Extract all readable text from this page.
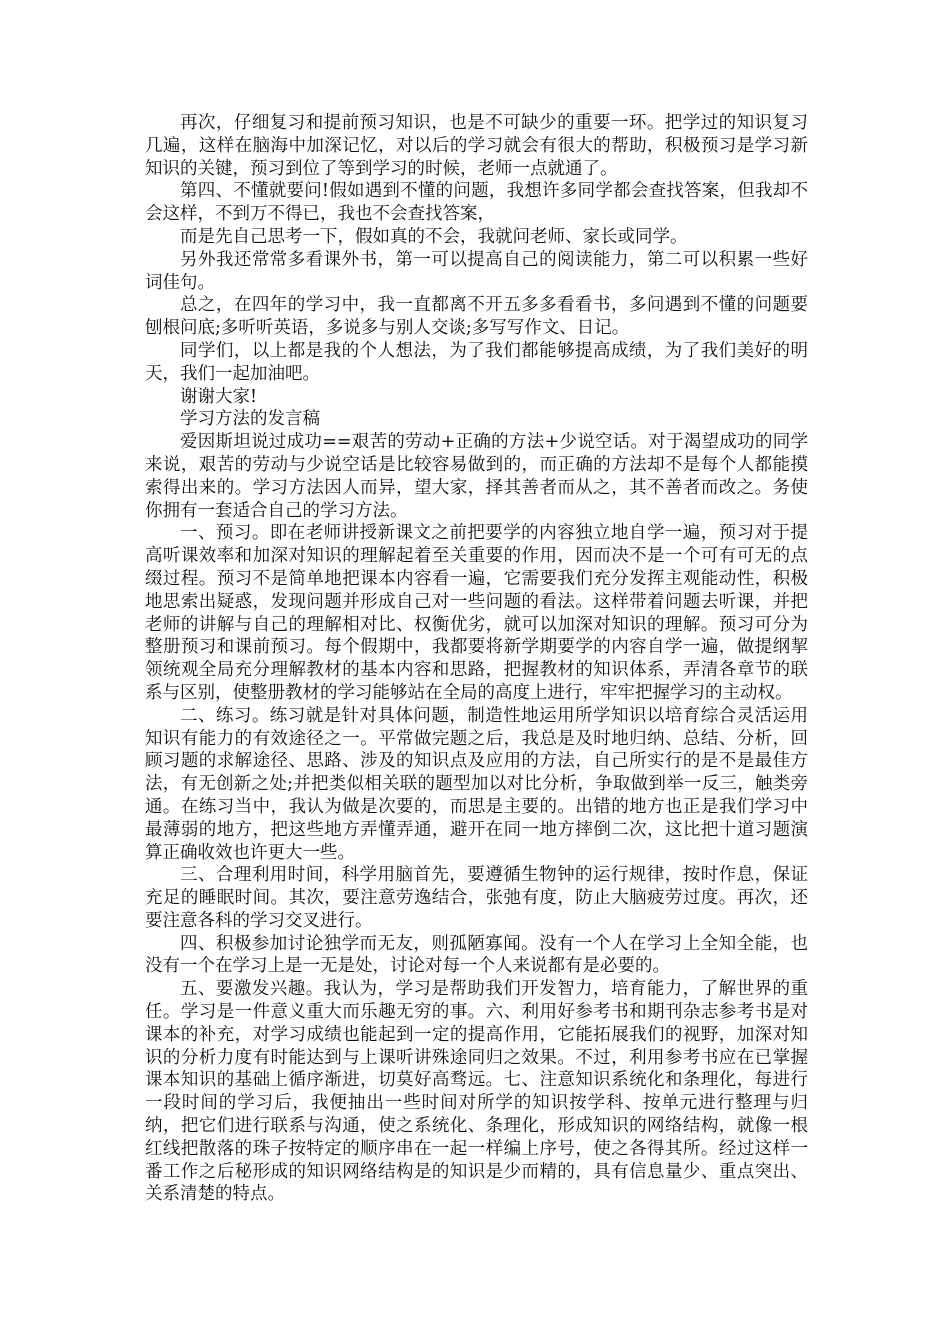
再次，仔细复习和提前预习知识，也是不可缺少的重要一环。把学过的知识复习几遍，这样在脑海中加深记忆，对以后的学习就会有很大的帮助，积极预习是学习新知识的关键，预习到位了等到学习的时候，老师一点就通了。

第四、不懂就要问!假如遇到不懂的问题，我想许多同学都会查找答案，但我却不会这样，不到万不得已，我也不会查找答案，

而是先自己思考一下，假如真的不会，我就问老师、家长或同学。

另外我还常常多看课外书，第一可以提高自己的阅读能力，第二可以积累一些好词佳句。

总之，在四年的学习中，我一直都离不开五多多看看书，多问遇到不懂的问题要刨根问底;多听听英语，多说多与别人交谈;多写写作文、日记。

同学们，以上都是我的个人想法，为了我们都能够提高成绩，为了我们美好的明天，我们一起加油吧。

谢谢大家!

学习方法的发言稿

爱因斯坦说过成功==艰苦的劳动+正确的方法+少说空话。对于渴望成功的同学来说，艰苦的劳动与少说空话是比较容易做到的，而正确的方法却不是每个人都能摸索得出来的。学习方法因人而异，望大家，择其善者而从之，其不善者而改之。务使你拥有一套适合自己的学习方法。

一、预习。即在老师讲授新课文之前把要学的内容独立地自学一遍，预习对于提高听课效率和加深对知识的理解起着至关重要的作用，因而决不是一个可有可无的点缀过程。预习不是简单地把课本内容看一遍，它需要我们充分发挥主观能动性，积极地思索出疑惑，发现问题并形成自己对一些问题的看法。这样带着问题去听课，并把老师的讲解与自己的理解相对比、权衡优劣，就可以加深对知识的理解。预习可分为整册预习和课前预习。每个假期中，我都要将新学期要学的内容自学一遍，做提纲挈领统观全局充分理解教材的基本内容和思路，把握教材的知识体系，弄清各章节的联系与区别，使整册教材的学习能够站在全局的高度上进行，牢牢把握学习的主动权。

二、练习。练习就是针对具体问题，制造性地运用所学知识以培育综合灵活运用知识有能力的有效途径之一。平常做完题之后，我总是及时地归纳、总结、分析，回顾习题的求解途径、思路、涉及的知识点及应用的方法，自己所实行的是不是最佳方法，有无创新之处;并把类似相关联的题型加以对比分析，争取做到举一反三，触类旁通。在练习当中，我认为做是次要的，而思是主要的。出错的地方也正是我们学习中最薄弱的地方，把这些地方弄懂弄通，避开在同一地方摔倒二次，这比把十道习题演算正确收效也许更大一些。

三、合理利用时间，科学用脑首先，要遵循生物钟的运行规律，按时作息，保证充足的睡眠时间。其次，要注意劳逸结合，张弛有度，防止大脑疲劳过度。再次，还要注意各科的学习交叉进行。

四、积极参加讨论独学而无友，则孤陋寡闻。没有一个人在学习上全知全能，也没有一个在学习上是一无是处，讨论对每一个人来说都有是必要的。

五、要激发兴趣。我认为，学习是帮助我们开发智力，培育能力，了解世界的重任。学习是一件意义重大而乐趣无穷的事。六、利用好参考书和期刊杂志参考书是对课本的补充，对学习成绩也能起到一定的提高作用，它能拓展我们的视野，加深对知识的分析力度有时能达到与上课听讲殊途同归之效果。不过，利用参考书应在已掌握课本知识的基础上循序渐进，切莫好高骛远。七、注意知识系统化和条理化，每进行一段时间的学习后，我便抽出一些时间对所学的知识按学科、按单元进行整理与归纳，把它们进行联系与沟通，使之系统化、条理化，形成知识的网络结构，就像一根红线把散落的珠子按特定的顺序串在一起一样编上序号，使之各得其所。经过这样一番工作之后秘形成的知识网络结构是的知识是少而精的，具有信息量少、重点突出、关系清楚的特点。
